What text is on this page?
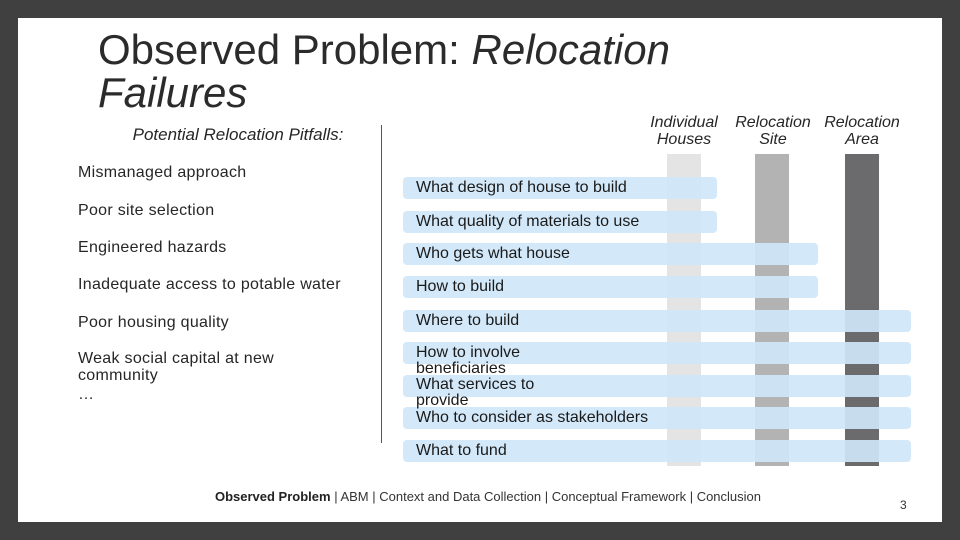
Observed Problem: Relocation
Failures
Potential Relocation Pitfalls:
Mismanaged approach
Poor site selection
Engineered hazards
Inadequate access to potable water
Poor housing quality
Weak social capital at new community
…
Individual Houses
Relocation Site
Relocation Area
What design of house to build
What quality of materials to use
Who gets what house
How to build
Where to build
How to involve beneficiaries
What services to provide
Who to consider as stakeholders
What to fund
Observed Problem | ABM | Context and Data Collection | Conceptual Framework | Conclusion
3
